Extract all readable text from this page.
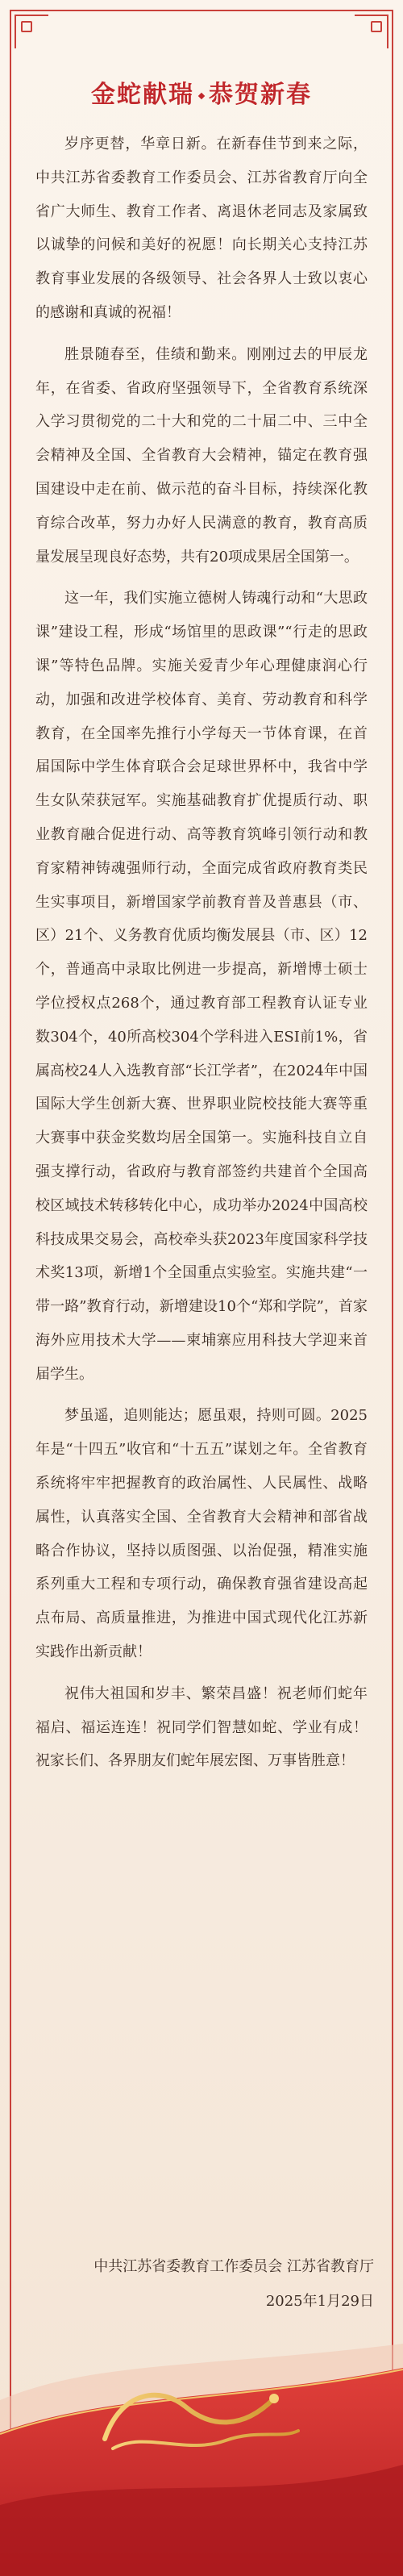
金蛇献瑞 恭贺新春

岁序更替，华章日新。在新春佳节到来之际，中共江苏省委教育工作委员会、江苏省教育厅向全省广大师生、教育工作者、离退休老同志及家属致以诚挚的问候和美好的祝愿！向长期关心支持江苏教育事业发展的各级领导、社会各界人士致以衷心的感谢和真诚的祝福！

胜景随春至，佳绩和勤来。刚刚过去的甲辰龙年，在省委、省政府坚强领导下，全省教育系统深入学习贯彻党的二十大和党的二十届二中、三中全会精神及全国、全省教育大会精神，锚定在教育强国建设中走在前、做示范的奋斗目标，持续深化教育综合改革，努力办好人民满意的教育，教育高质量发展呈现良好态势，共有20项成果居全国第一。

这一年，我们实施立德树人铸魂行动和“大思政课”建设工程，形成“场馆里的思政课”“行走的思政课”等特色品牌。实施关爱青少年心理健康润心行动，加强和改进学校体育、美育、劳动教育和科学教育，在全国率先推行小学每天一节体育课，在首届国际中学生体育联合会足球世界杯中，我省中学生女队荣获冠军。实施基础教育扩优提质行动、职业教育融合促进行动、高等教育筑峰引领行动和教育家精神铸魂强师行动，全面完成省政府教育类民生实事项目，新增国家学前教育普及普惠县（市、区）21个、义务教育优质均衡发展县（市、区）12个，普通高中录取比例进一步提高，新增博士硕士学位授权点268个，通过教育部工程教育认证专业数304个，40所高校304个学科进入ESI前1%，省属高校24人入选教育部“长江学者”，在2024年中国国际大学生创新大赛、世界职业院校技能大赛等重大赛事中获金奖数均居全国第一。实施科技自立自强支撑行动，省政府与教育部签约共建首个全国高校区域技术转移转化中心，成功举办2024中国高校科技成果交易会，高校牵头获2023年度国家科学技术奖13项，新增1个全国重点实验室。实施共建“一带一路”教育行动，新增建设10个“郑和学院”，首家海外应用技术大学——柬埔寨应用科技大学迎来首届学生。

梦虽遥，追则能达；愿虽艰，持则可圆。2025年是“十四五”收官和“十五五”谋划之年。全省教育系统将牢牢把握教育的政治属性、人民属性、战略属性，认真落实全国、全省教育大会精神和部省战略合作协议，坚持以质图强、以治促强，精准实施系列重大工程和专项行动，确保教育强省建设高起点布局、高质量推进，为推进中国式现代化江苏新实践作出新贡献！

祝伟大祖国和岁丰、繁荣昌盛！祝老师们蛇年福启、福运连连！祝同学们智慧如蛇、学业有成！祝家长们、各界朋友们蛇年展宏图、万事皆胜意！

中共江苏省委教育工作委员会 江苏省教育厅
2025年1月29日
